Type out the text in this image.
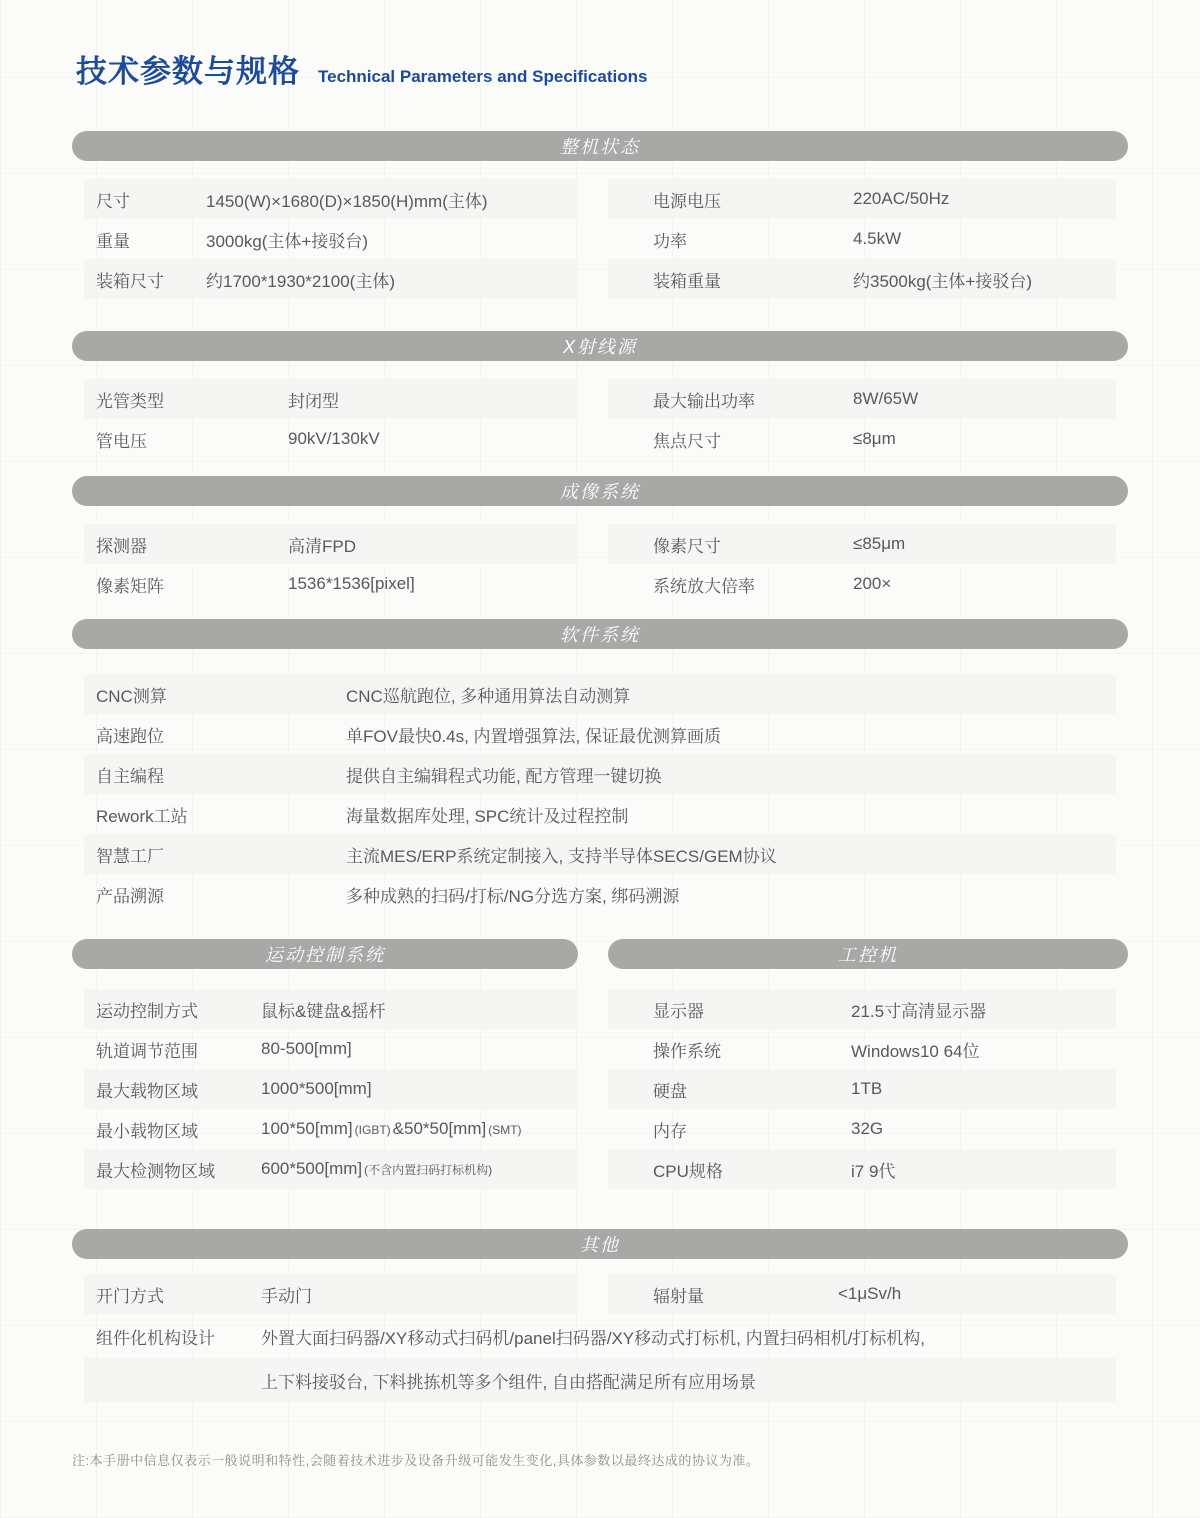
技术参数与规格 Technical Parameters and Specifications
整机状态
尺寸	1450(W)×1680(D)×1850(H)mm(主体)	电源电压	220AC/50Hz
重量	3000kg(主体+接驳台)	功率	4.5kW
装箱尺寸	约1700*1930*2100(主体)	装箱重量	约3500kg(主体+接驳台)
X射线源
光管类型	封闭型	最大输出功率	8W/65W
管电压	90kV/130kV	焦点尺寸	≤8μm
成像系统
探测器	高清FPD	像素尺寸	≤85μm
像素矩阵	1536*1536[pixel]	系统放大倍率	200×
软件系统
CNC测算	CNC巡航跑位, 多种通用算法自动测算
高速跑位	单FOV最快0.4s, 内置增强算法, 保证最优测算画质
自主编程	提供自主编辑程式功能, 配方管理一键切换
Rework工站	海量数据库处理, SPC统计及过程控制
智慧工厂	主流MES/ERP系统定制接入, 支持半导体SECS/GEM协议
产品溯源	多种成熟的扫码/打标/NG分选方案, 绑码溯源
运动控制系统
运动控制方式	鼠标&键盘&摇杆
轨道调节范围	80-500[mm]
最大载物区域	1000*500[mm]
最小载物区域	100*50[mm] (IGBT) &50*50[mm] (SMT)
最大检测物区域	600*500[mm] (不含内置扫码打标机构)
工控机
显示器	21.5寸高清显示器
操作系统	Windows10 64位
硬盘	1TB
内存	32G
CPU规格	i7 9代
其他
开门方式	手动门	辐射量	<1μSv/h
组件化机构设计	外置大面扫码器/XY移动式扫码机/panel扫码器/XY移动式打标机, 内置扫码相机/打标机构,
上下料接驳台, 下料挑拣机等多个组件, 自由搭配满足所有应用场景
注:本手册中信息仅表示一般说明和特性,会随着技术进步及设备升级可能发生变化,具体参数以最终达成的协议为准。
